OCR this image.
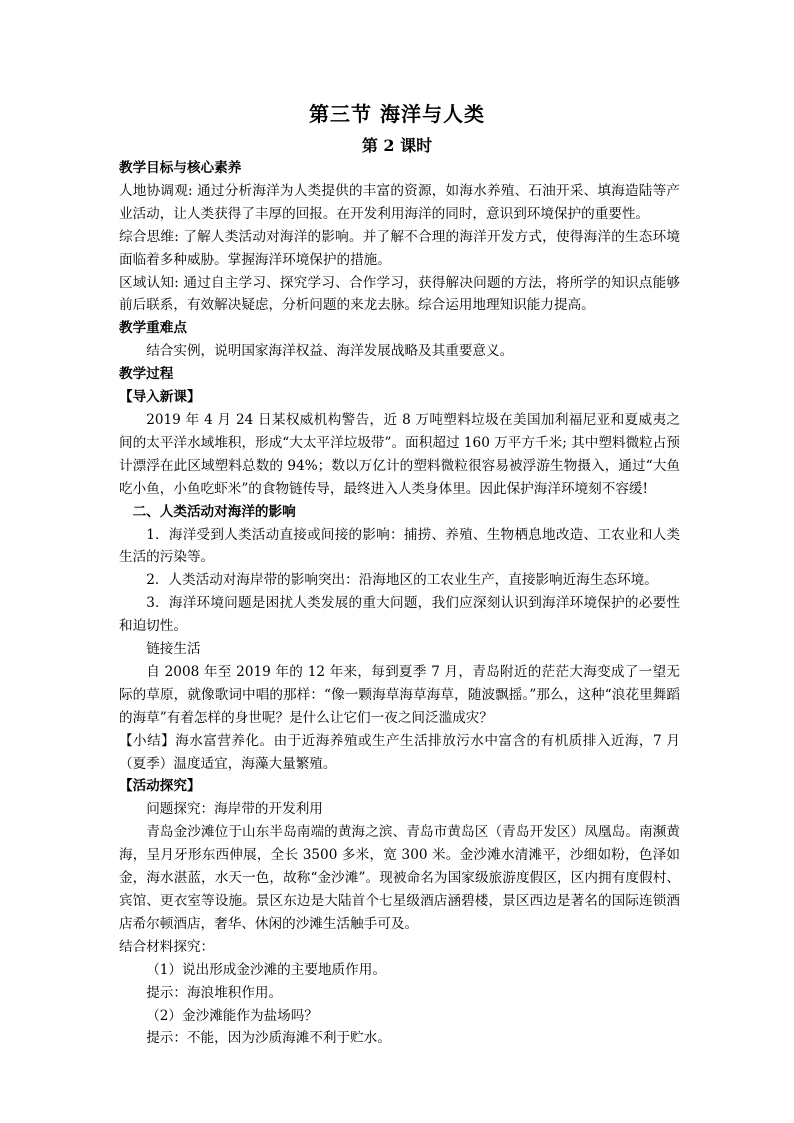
第三节 海洋与人类
第 2 课时

教学目标与核心素养

人地协调观: 通过分析海洋为人类提供的丰富的资源，如海水养殖、石油开采、填海造陆等产业活动，让人类获得了丰厚的回报。在开发利用海洋的同时，意识到环境保护的重要性。

综合思维: 了解人类活动对海洋的影响。并了解不合理的海洋开发方式，使得海洋的生态环境面临着多种威胁。掌握海洋环境保护的措施。

区域认知: 通过自主学习、探究学习、合作学习，获得解决问题的方法，将所学的知识点能够前后联系，有效解决疑虑，分析问题的来龙去脉。综合运用地理知识能力提高。

教学重难点

结合实例，说明国家海洋权益、海洋发展战略及其重要意义。

教学过程

【导入新课】

2019 年 4 月 24 日某权威机构警告，近 8 万吨塑料垃圾在美国加利福尼亚和夏威夷之间的太平洋水域堆积，形成“大太平洋垃圾带”。面积超过 160 万平方千米; 其中塑料微粒占预计漂浮在此区域塑料总数的 94%；数以万亿计的塑料微粒很容易被浮游生物摄入，通过“大鱼吃小鱼，小鱼吃虾米”的食物链传导，最终进入人类身体里。因此保护海洋环境刻不容缓!

二、人类活动对海洋的影响

1．海洋受到人类活动直接或间接的影响：捕捞、养殖、生物栖息地改造、工农业和人类生活的污染等。

2．人类活动对海岸带的影响突出：沿海地区的工农业生产，直接影响近海生态环境。

3．海洋环境问题是困扰人类发展的重大问题，我们应深刻认识到海洋环境保护的必要性和迫切性。

链接生活

自 2008 年至 2019 年的 12 年来，每到夏季 7 月，青岛附近的茫茫大海变成了一望无际的草原，就像歌词中唱的那样：“像一颗海草海草海草，随波飘摇。”那么，这种“浪花里舞蹈的海草”有着怎样的身世呢？是什么让它们一夜之间泛滥成灾？

【小结】海水富营养化。由于近海养殖或生产生活排放污水中富含的有机质排入近海，7 月（夏季）温度适宜，海藻大量繁殖。

【活动探究】

问题探究：海岸带的开发利用

青岛金沙滩位于山东半岛南端的黄海之滨、青岛市黄岛区（青岛开发区）凤凰岛。南濒黄海，呈月牙形东西伸展，全长 3500 多米，宽 300 米。金沙滩水清滩平，沙细如粉，色泽如金，海水湛蓝，水天一色，故称“金沙滩”。现被命名为国家级旅游度假区，区内拥有度假村、宾馆、更衣室等设施。景区东边是大陆首个七星级酒店涵碧楼，景区西边是著名的国际连锁酒店希尔顿酒店，奢华、休闲的沙滩生活触手可及。

结合材料探究：

（1）说出形成金沙滩的主要地质作用。

提示：海浪堆积作用。

（2）金沙滩能作为盐场吗？

提示：不能，因为沙质海滩不利于贮水。
